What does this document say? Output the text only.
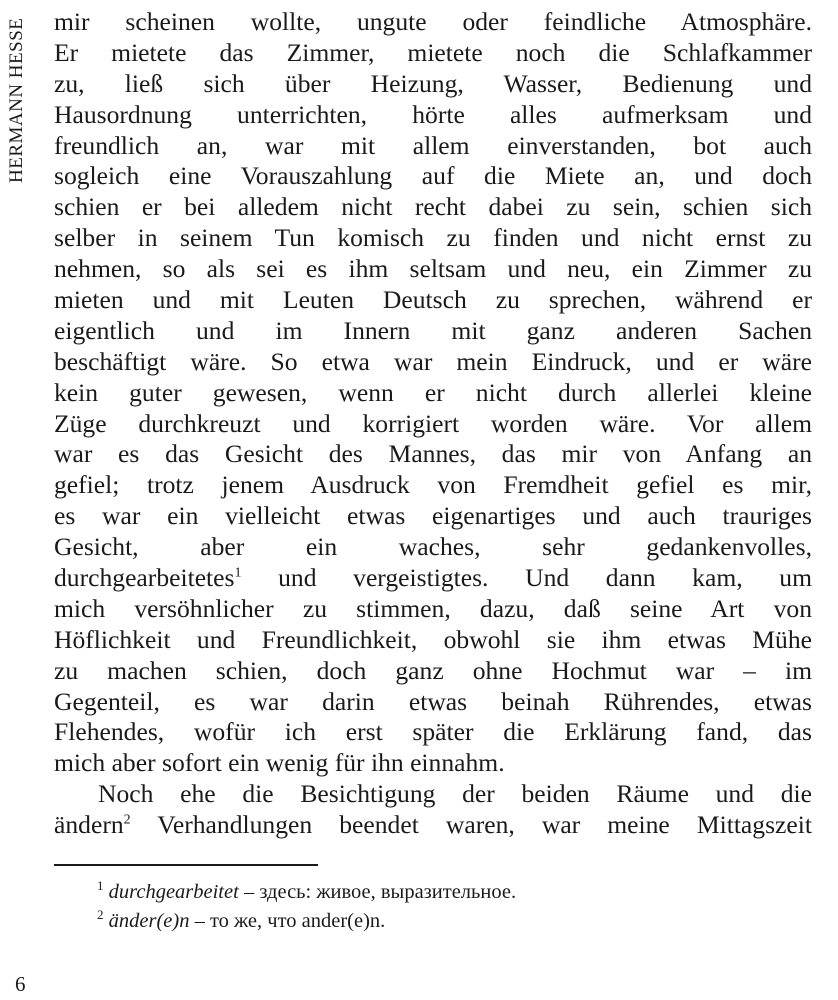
HERMANN HESSE mir scheinen wollte, ungute oder feindliche Atmosphäre.
Er mietete das Zimmer, mietete noch die Schlafkammer
zu, ließ sich über Heizung, Wasser, Bedienung und
Hausordnung unterrichten, hörte alles aufmerksam und
freundlich an, war mit allem einverstanden, bot auch
sogleich eine Vorauszahlung auf die Miete an, und doch
schien er bei alledem nicht recht dabei zu sein, schien sich
selber in seinem Tun komisch zu finden und nicht ernst zu
nehmen, so als sei es ihm seltsam und neu, ein Zimmer zu
mieten und mit Leuten Deutsch zu sprechen, während er
eigentlich und im Innern mit ganz anderen Sachen
beschäftigt wäre. So etwa war mein Eindruck, und er wäre
kein guter gewesen, wenn er nicht durch allerlei kleine
Züge durchkreuzt und korrigiert worden wäre. Vor allem
war es das Gesicht des Mannes, das mir von Anfang an
gefiel; trotz jenem Ausdruck von Fremdheit gefiel es mir,
es war ein vielleicht etwas eigenartiges und auch trauriges
Gesicht, aber ein waches, sehr gedankenvolles,
durchgearbeitetes$^1$ und vergeistigtes. Und dann kam, um
mich versöhnlicher zu stimmen, dazu, daß seine Art von
Höflichkeit und Freundlichkeit, obwohl sie ihm etwas Mühe
zu machen schien, doch ganz ohne Hochmut war – im
Gegenteil, es war darin etwas beinah Rührendes, etwas
Flehendes, wofür ich erst später die Erklärung fand, das
mich aber sofort ein wenig für ihn einnahm.
Noch ehe die Besichtigung der beiden Räume und die
ändern$^2$ Verhandlungen beendet waren, war meine Mittagszeit
$^1$ durchgearbeitet – здесь: живое, выразительное.
$^2$ änder(e)n – то же, что ander(e)n.
6
